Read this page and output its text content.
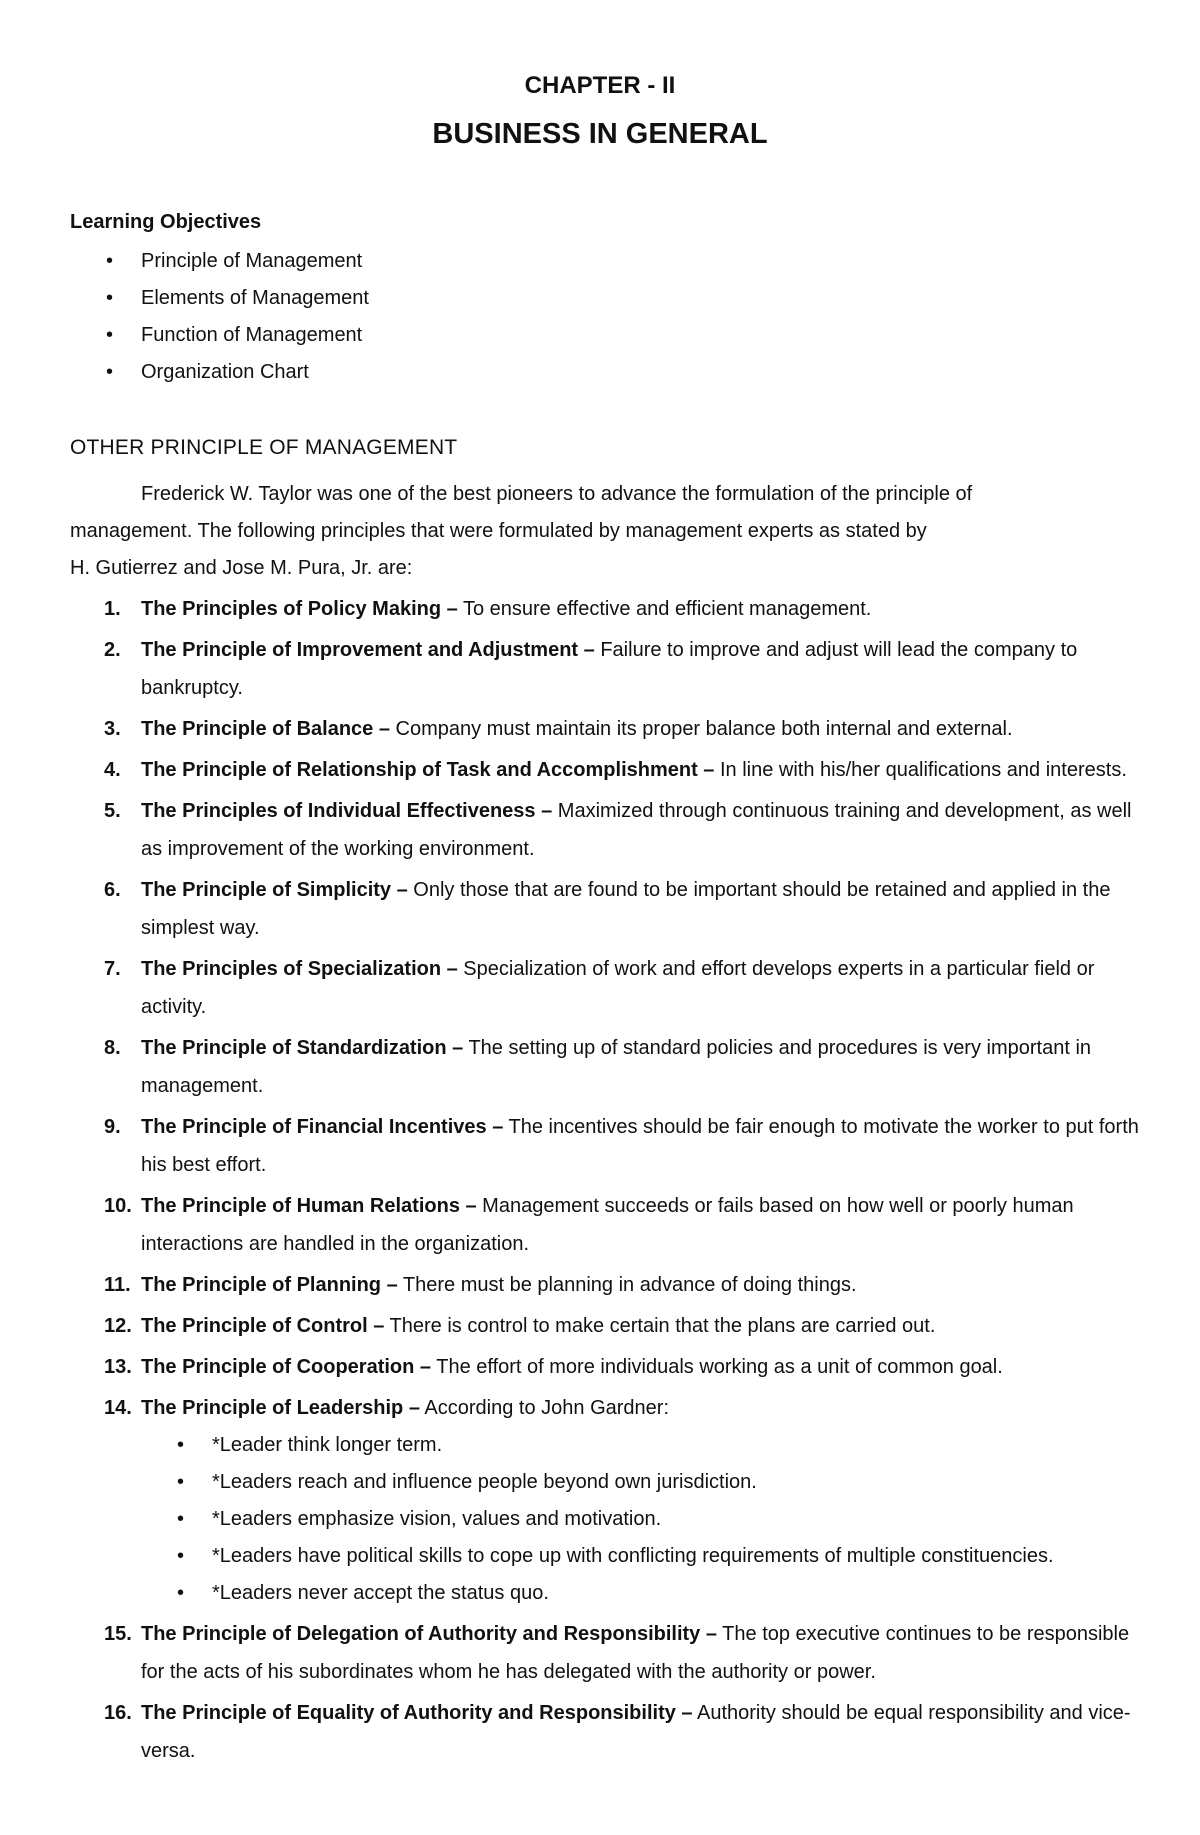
CHAPTER - II
BUSINESS IN GENERAL
Learning Objectives
• Principle of Management
• Elements of Management
• Function of Management
• Organization Chart
OTHER PRINCIPLE OF MANAGEMENT
Frederick W. Taylor was one of the best pioneers to advance the formulation of the principle of
management. The following principles that were formulated by management experts as stated by
H. Gutierrez and Jose M. Pura, Jr. are:
1. The Principles of Policy Making – To ensure effective and efficient management.
2. The Principle of Improvement and Adjustment – Failure to improve and adjust will lead the company to bankruptcy.
3. The Principle of Balance – Company must maintain its proper balance both internal and external.
4. The Principle of Relationship of Task and Accomplishment – In line with his/her qualifications and interests.
5. The Principles of Individual Effectiveness – Maximized through continuous training and development, as well as improvement of the working environment.
6. The Principle of Simplicity – Only those that are found to be important should be retained and applied in the simplest way.
7. The Principles of Specialization – Specialization of work and effort develops experts in a particular field or activity.
8. The Principle of Standardization – The setting up of standard policies and procedures is very important in management.
9. The Principle of Financial Incentives – The incentives should be fair enough to motivate the worker to put forth his best effort.
10. The Principle of Human Relations – Management succeeds or fails based on how well or poorly human interactions are handled in the organization.
11. The Principle of Planning – There must be planning in advance of doing things.
12. The Principle of Control – There is control to make certain that the plans are carried out.
13. The Principle of Cooperation – The effort of more individuals working as a unit of common goal.
14. The Principle of Leadership – According to John Gardner:
• *Leader think longer term.
• *Leaders reach and influence people beyond own jurisdiction.
• *Leaders emphasize vision, values and motivation.
• *Leaders have political skills to cope up with conflicting requirements of multiple constituencies.
• *Leaders never accept the status quo.
15. The Principle of Delegation of Authority and Responsibility – The top executive continues to be responsible for the acts of his subordinates whom he has delegated with the authority or power.
16. The Principle of Equality of Authority and Responsibility – Authority should be equal responsibility and vice-versa.
